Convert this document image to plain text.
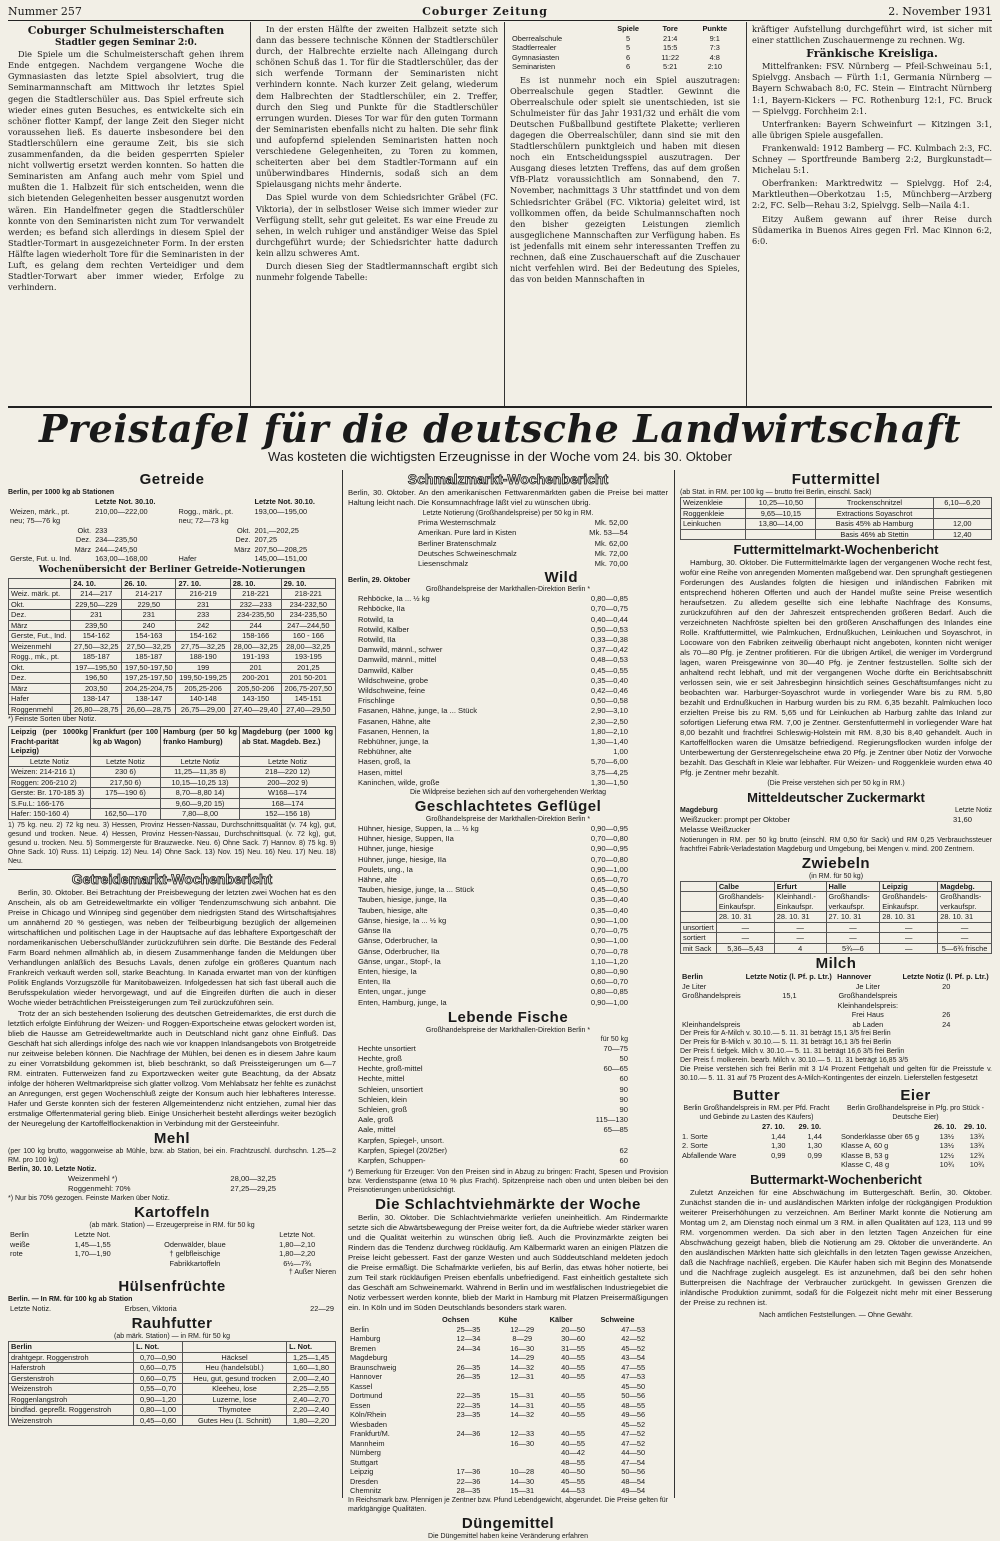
Nummer 257	Coburger Zeitung	2. November 1931
Coburger Schulmeisterschaften
Stadtler gegen Seminar 2:0.

Die Spiele um die Schulmeisterschaft gehen ihrem Ende entgegen. Nachdem vergangene Woche die Gymnasiasten das letzte Spiel absolviert, trug die Seminarmannschaft am Mittwoch ihr letztes Spiel gegen die Stadtlerschüler aus. Das Spiel erfreute sich wieder eines guten Besuches, es entwickelte sich ein schöner flotter Kampf, der lange Zeit den Sieger nicht voraussehen ließ. Es dauerte insbesondere bei den Stadtlerschülern eine geraume Zeit, bis sie sich zusammenfanden, da die beiden gesperrten Spieler nicht vollwertig ersetzt werden konnten. So hatten die Seminaristen am Anfang auch mehr vom Spiel und mußten die 1. Halbzeit für sich entscheiden, wenn die sich bietenden Gelegenheiten besser ausgenutzt worden wären. Ein Handelfmeter gegen die Stadtlerschüler konnte von den Seminaristen nicht zum Tor verwandelt werden; es befand sich allerdings in diesem Spiel der Stadtler-Tormart in ausgezeichneter Form. In der ersten Hälfte lagen wiederholt Tore für die Seminaristen in der Luft, es gelang dem rechten Verteidiger und dem Stadtler-Torwart aber immer wieder, Erfolge zu verhindern.

In der ersten Hälfte der zweiten Halbzeit setzte sich dann das bessere technische Können der Stadtlerschüler durch, der Halbrechte erzielte nach Alleingang durch schönen Schuß das 1. Tor für die Stadtlerschüler, das der sich werfende Tormann der Seminaristen nicht verhindern konnte. Nach kurzer Zeit gelang, wiederum dem Halbrechten der Stadtlerschüler, ein 2. Treffer, durch den Sieg und Punkte für die Stadtlerschüler errungen wurden. Dieses Tor war für den guten Tormann der Seminaristen ebenfalls nicht zu halten. Die sehr flink und aufopfernd spielenden Seminaristen hatten noch verschiedene Gelegenheiten, zu Toren zu kommen, scheiterten aber bei dem Stadtler-Tormann auf ein unüberwindbares Hindernis, sodaß sich an dem Spielausgang nichts mehr änderte.

Das Spiel wurde von dem Schiedsrichter Gräbel (FC. Viktoria), der in selbstloser Weise sich immer wieder zur Verfügung stellt, sehr gut geleitet. Es war eine Freude zu sehen, in welch ruhiger und anständiger Weise das Spiel durchgeführt wurde; der Schiedsrichter hatte dadurch kein allzu schweres Amt.

Durch diesen Sieg der Stadtlermannschaft ergibt sich nunmehr folgende Tabelle:

	Spiele	Tore	Punkte
Oberrealschule	5	21:4	9:1
Stadtlerrealer	5	15:5	7:3
Gymnasiasten	6	11:22	4:8
Seminaristen	6	5:21	2:10

Es ist nunmehr noch ein Spiel auszutragen: Oberrealschule gegen Stadtler. Gewinnt die Oberrealschule oder spielt sie unentschieden, ist sie Schulmeister für das Jahr 1931/32 und erhält die vom Deutschen Fußballbund gestiftete Plakette; verlieren dagegen die Oberrealschüler, dann sind sie mit den Stadtlerschülern punktgleich und haben mit diesen noch ein Entscheidungsspiel auszutragen. Der Ausgang dieses letzten Treffens, das auf dem großen VfB-Platz voraussichtlich am Sonnabend, den 7. November, nachmittags 3 Uhr stattfindet und von dem Schiedsrichter Gräbel (FC. Viktoria) geleitet wird, ist vollkommen offen, da beide Schulmannschaften noch den bisher gezeigten Leistungen ziemlich ausgeglichene Mannschaften zur Verfügung haben. Es ist jedenfalls mit einem sehr interessanten Treffen zu rechnen, daß eine Zuschauerschaft auf die Zuschauer nicht verfehlen wird. Bei der Bedeutung des Spieles, das von beiden Mannschaften in

kräftiger Aufstellung durchgeführt wird, ist sicher mit einer stattlichen Zuschauermenge zu rechnen. Wg.

Fränkische Kreisliga.

Mittelfranken: FSV. Nürnberg — Pfeil-Schweinau 5:1, Spielvgg. Ansbach — Fürth 1:1, Germania Nürnberg — Bayern Schwabach 8:0, FC. Stein — Eintracht Nürnberg 1:1, Bayern-Kickers — FC. Rothenburg 12:1, FC. Bruck — Spielvgg. Forchheim 2:1.

Unterfranken: Bayern Schweinfurt — Kitzingen 3:1, alle übrigen Spiele ausgefallen.

Frankenwald: 1912 Bamberg — FC. Kulmbach 2:3, FC. Schney — Sportfreunde Bamberg 2:2, Burgkunstadt—Michelau 5:1.

Oberfranken: Marktredwitz — Spielvgg. Hof 2:4, Marktleuthen—Oberkotzau 1:5, Münchberg—Arzberg 2:2, FC. Selb—Rehau 3:2, Spielvgg. Selb—Naila 4:1.

Eitzy Außem gewann auf ihrer Reise durch Südamerika in Buenos Aires gegen Frl. Mac Kinnon 6:2, 6:0.

Preistafel für die deutsche Landwirtschaft
Was kosteten die wichtigsten Erzeugnisse in der Woche vom 24. bis 30. Oktober
Getreide
Berlin, per 1000 kg ab Stationen
	Letzte Not. 30.10.		Letzte Not. 30.10.
Weizen, märk., pt.	210,00—222,00	Rogg., märk., pt.	193,00—195,00
neu; 75—76 kg		neu; 72—73 kg	
Okt.	233	Okt.	201,—202,25
Dez.	234—235,50	Dez.	207,25
März	244—245,50	März	207,50—208,25
Gerste, Fut. u. Ind.	163,00—168,00	Hafer	145,00—151,00
Wochenübersicht der Berliner Getreide-Notierungen
	24. 10.	26. 10.	27. 10.	28. 10.	29. 10.
Weiz. märk. pt.	214—217	214-217	216-219	218-221	218-221
Okt.	229,50—229	229,50	231	232—233	234-232,50
Dez.	231	231	233	234-235,50	234-235,50
März	239,50	240	242	244	247—244,50
Gerste, Fut., Ind.	154-162	154-163	154-162	158-166	160 - 166
Weizenmehl	27,50—32,25	27,50—32,25	27,75—32,25	28,00—32,25	28,00—32,25
Rogg., mk., pt.	185-187	185-187	188-190	191-193	193-195
Okt.	197—195,50	197,50-197,50	199	201	201,25
Dez.	196,50	197,25-197,50	199,50-199,25	200-201	201 50-201
März	203,50	204,25-204,75	205,25-206	205,50-206	206,75-207,50
Hafer	138-147	138-147	140-148	143-150	145-151
Roggenmehl	26,80—28,75	26,60—28,75	26,75—29,00	27,40—29,40	27,40—29,50
*) Feinste Sorten über Notiz.
Leipzig (per 1000kg Fracht-parität Leipzig)	Frankfurt (per 100 kg ab Wagon)	Hamburg (per 50 kg franko Hamburg)	Magdeburg (per 1000 kg ab Stat. Magdeb. Bez.)
Letzte Notiz	Letzte Notiz	Letzte Notiz	Letzte Notiz
Weizen: 214-216 1)	230 6)	11,25—11,35 8)	218—220 12)
Roggen: 206-210 2)	217,50 6)	10,15—10,25 13)	200—202 9)
Gerste: Br. 170-185 3)	175—190 6)	8,70—8,80 14)	W168—174
S.Fu.L: 166-176		9,60—9,20 15)	168—174
Hafer: 150-160 4)	162,50—170	7,80—8,00	152—156 18)
1) 75 kg. neu. 2) 72 kg neu. 3) Hessen, Provinz Hessen-Nassau, Durchschnittsqualität (v. 74 kg), gut, gesund und trocken. Neue. 4) Hessen, Provinz Hessen-Nassau, Durchschnittsqual. (v. 72 kg), gut, gesund u. trocken. Neu. 5) Sommergerste für Brauzwecke. Neu. 6) Ohne Sack. 7) Hannov. 8) 75 kg. 9) Ohne Sack. 10) Russ. 11) Leipzig. 12) Neu. 14) Ohne Sack. 13) Nov. 15) Neu. 16) Neu. 17) Neu. 18) Neu.
Getreidemarkt-Wochenbericht

Berlin, 30. Oktober. Bei Betrachtung der Preisbewegung der letzten zwei Wochen hat es den Anschein, als ob am Getreideweltmarkte ein völliger Tendenzumschwung sich anbahnt. Die Preise in Chicago und Winnipeg sind gegenüber dem niedrigsten Stand des Wirtschaftsjahres um annähernd 20 % gestiegen, was neben der Teilbeurbigung bezüglich der allgemeinen wirtschaftlichen und politischen Lage in der Hauptsache auf das lebhaftere Exportgeschäft der nordamerikanischen Ueberschußländer zurückzuführen sein dürfte. Die Bestände des Federal Farm Board nehmen allmählich ab, in diesem Zusammenhange fanden die Meldungen über Verhandlungen anläßlich des Besuchs Lavals, denen zufolge ein größeres Quantum nach Frankreich verkauft werden soll, starke Beachtung. In Kanada erwartet man von der künftigen Politik Englands Vorzugszölle für Manitobaweizen. Infolgedessen hat sich fast überall auch die Berufsspekulation wieder hervorgewagt, und auf die Eingreifen dürften die auch in dieser Woche wieder beträchtlichen Preissteigerungen zum Teil zurückzuführen sein.

Trotz der an sich bestehenden Isolierung des deutschen Getreidemarktes, die erst durch die letztlich erfolgte Einführung der Weizen- und Roggen-Exportscheine etwas gelockert worden ist, blieb die Hausse am Getreideweltmarkte auch in Deutschland nicht ganz ohne Einfluß. Das Geschäft hat sich allerdings infolge des nach wie vor knappen Inlandsangebots von Brotgetreide nur zeitweise beleben können. Die Nachfrage der Mühlen, bei denen es in diesem Jahre kaum zu einer Vorratsbildung gekommen ist, blieb beschränkt, so daß Preissteigerungen um 6—7 RM. eintraten. Futterweizen fand zu Exportzwecken weiter gute Beachtung, da der Absatz infolge der höheren Weltmarktpreise sich glatter vollzog. Vom Mehlabsatz her fehlte es zunächst an Anregungen, erst gegen Wochenschluß zeigte der Konsum auch hier lebhafteres Interesse. Hafer und Gerste konnten sich der festeren Allgemeintendenz nicht entziehen, zumal hier das erstmalige Offertenmaterial gering blieb. Einige Unsicherheit besteht allerdings weiter bezüglich der Neuregelung der Kartoffelflockenaktion in Verbindung mit der Gersteeinfuhr.

Mehl
(per 100 kg brutto, waggonweise ab Mühle, bzw. ab Station, bei ein. Frachtzuschl. durchschn. 1.25—2 RM. pro 100 kg)
Berlin, 30. 10. Letzte Notiz.
Weizenmehl *)	28,00—32,25
Roggenmehl: 70%	27,25—29,25
*) Nur bis 70% gezogen. Feinste Marken über Notiz.
Kartoffeln
(ab märk. Station) — Erzeugerpreise in RM. für 50 kg
Berlin	Letzte Not.		Letzte Not.
weiße	1,45—1,55	Odenwälder, blaue	1,80—2,10
rote	1,70—1,90	† gelbfleischige	1,80—2,20
		Fabrikkartoffeln	6½—7¾
† Außer Nieren
Hülsenfrüchte
Berlin. — In RM. für 100 kg ab Station
Letzte Notiz.	Erbsen, Viktoria	22—29
Rauhfutter
(ab märk. Station) — in RM. für 50 kg
Berlin	L. Not.		L. Not.
drahtgepr. Roggenstroh	0,70—0,90	Häcksel	1,25—1,45
Haferstroh	0,60—0,75	Heu (handelsübl.)	1,60—1,80
Gerstenstroh	0,60—0,75	Heu, gut, gesund trocken	2,00—2,40
Weizenstroh	0,55—0,70	Kleeheu, lose	2,25—2,55
Roggenlangstroh	0,90—1,20	Luzerne, lose	2,40—2,70
bindfad. gepreßt. Roggenstroh	0,80—1,00	Thymotee	2,20—2,40
Weizenstroh	0,45—0,60	Gutes Heu (1. Schnitt)	1,80—2,20
Schmalzmarkt-Wochenbericht

Berlin, 30. Oktober. An den amerikanischen Fettwarenmärkten gaben die Preise bei matter Haltung leicht nach. Die Konsumnachfrage läßt viel zu wünschen übrig.

Letzte Notierung (Großhandelspreise) per 50 kg in RM.
Prima Westernschmalz	Mk. 52,00
Amerikan. Pure lard in Kisten	Mk. 53—54
Berliner Bratenschmalz	Mk. 62,00
Deutsches Schweineschmalz	Mk. 72,00
Liesenschmalz	Mk. 70,00
Berlin, 29. Oktober	Wild
Großhandelspreise der Markthallen-Direktion Berlin *
Rehböcke, Ia ... ½ kg	0,80—0,85
Rehböcke, IIa	0,70—0,75
Rotwild, Ia	0,40—0,44
Rotwild, Kälber	0,50—0,53
Rotwild, IIa	0,33—0,38
Damwild, männl., schwer	0,37—0,42
Damwild, männl., mittel	0,48—0,53
Damwild, Kälber	0,45—0,55
Wildschweine, grobe	0,35—0,40
Wildschweine, feine	0,42—0,46
Frischlinge	0,50—0,58
Fasanen, Hähne, junge, Ia ... Stück	2,90—3,10
Fasanen, Hähne, alte	2,30—2,50
Fasanen, Hennen, Ia	1,80—2,10
Rebhühner, junge, Ia	1,30—1,40
Rebhühner, alte	1,00
Hasen, groß, Ia	5,70—6,00
Hasen, mittel	3,75—4,25
Kaninchen, wilde, große	1,30—1,50
Die Wildpreise beziehen sich auf den vorhergehenden Werktag
Geschlachtetes Geflügel
Großhandelspreise der Markthallen-Direktion Berlin *
Hühner, hiesige, Suppen, Ia ... ½ kg	0,90—0,95
Hühner, hiesige, Suppen, IIa	0,70—0,80
Hühner, junge, hiesige	0,90—0,95
Hühner, junge, hiesige, IIa	0,70—0,80
Poulets, ung., Ia	0,90—1,00
Hähne, alte	0,65—0,70
Tauben, hiesige, junge, Ia ... Stück	0,45—0,50
Tauben, hiesige, junge, IIa	0,35—0,40
Tauben, hiesige, alte	0,35—0,40
Gänse, hiesige, Ia ... ½ kg	0,90—1,00
Gänse IIa	0,70—0,75
Gänse, Oderbrucher, Ia	0,90—1,00
Gänse, Oderbrucher, IIa	0,70—0,78
Gänse, ungar., Stopf-, Ia	1,10—1,20
Enten, hiesige, Ia	0,80—0,90
Enten, IIa	0,60—0,70
Enten, ungar., junge	0,80—0,85
Enten, Hamburg, junge, Ia	0,90—1,00
Lebende Fische
Großhandelspreise der Markthallen-Direktion Berlin *
für 50 kg
Hechte unsortiert	70—75
Hechte, groß	50
Hechte, groß-mittel	60—65
Hechte, mittel	60
Schleien, unsortiert	90
Schleien, klein	90
Schleien, groß	90
Aale, groß	115—130
Aale, mittel	65—85
Karpfen, Spiegel-, unsort.
Karpfen, Spiegel (20/25er)	62
Karpfen, Schuppen-	60
*) Bemerkung für Erzeuger: Von den Preisen sind in Abzug zu bringen: Fracht, Spesen und Provision bzw. Verdienstspanne (etwa 10 % plus Fracht). Spitzenpreise nach oben und unten bleiben bei den Preisnotierungen unberücksichtigt.
Die Schlachtviehmärkte der Woche

Berlin, 30. Oktober. Die Schlachtviehmärkte verliefen uneinheitlich. Am Rindermarkte setzte sich die Abwärtsbewegung der Preise weiter fort, da die Auftriebe wieder stärker waren und die Qualität weiterhin zu wünschen übrig ließ. Auch die Provinzmärkte zeigten bei Rindern das die Tendenz durchweg rückläufig. Am Kälbermarkt waren an einigen Plätzen die Preise leicht gebessert. Fast der ganze Westen und auch Süddeutschland meldeten jedoch die Preise ermäßigt. Die Schafmärkte verliefen, bis auf Berlin, das etwas höher notierte, bei zum Teil stark rückläufigen Preisen ebenfalls unbefriedigend. Fast einheitlich gestaltete sich das Geschäft am Schweinemarkt. Während in Berlin und im westfälischen Industriegebiet die Notiz verbessert werden konnte, blieb der Markt in Hamburg mit Platzen Preisermäßigungen ein. In Köln und im Süden Deutschlands besonders stark waren.

	Ochsen	Kühe	Kälber	Schweine
Berlin	25—35	12—29	20—50	47—53
Hamburg	12—34	8—29	30—60	42—52
Bremen	24—34	16—30	31—55	45—52
Magdeburg		14—29	40—55	43—54
Braunschweig	26—35	14—32	40—55	47—55
Hannover	26—35	12—31	40—55	47—53
Kassel				45—50
Dortmund	22—35	15—31	40—55	50—56
Essen	22—35	14—31	40—55	48—55
Köln/Rhein	23—35	14—32	40—55	49—56
Wiesbaden				45—52
Frankfurt/M.	24—36	12—33	40—55	47—52
Mannheim		16—30	40—55	47—52
Nürnberg			40—42	44—50
Stuttgart			48—55	47—54
Leipzig	17—36	10—28	40—50	50—56
Dresden	22—36	14—30	45—55	48—54
Chemnitz	28—35	15—31	44—53	49—54
In Reichsmark bzw. Pfennigen je Zentner bzw. Pfund Lebendgewicht, abgerundet. Die Preise gelten für marktgängige Qualitäten.
Düngemittel
Die Düngemittel haben keine Veränderung erfahren
Futtermittel
(ab Stat. in RM. per 100 kg — brutto frei Berlin, einschl. Sack)
Weizenkleie	10,25—10,50	Trockenschnitzel	6,10—6,20
Roggenkleie	9,65—10,15	Extractions Soyaschrot	
Leinkuchen	13,80—14,00	Basis 45% ab Hamburg	12,00
		Basis 46% ab Stettin	12,40
Futtermittelmarkt-Wochenbericht

Hamburg, 30. Oktober. Die Futtermittelmärkte lagen der vergangenen Woche recht fest, wofür eine Reihe von anregenden Momenten maßgebend war. Den sprunghaft gestiegenen Forderungen des Auslandes folgten die hiesigen und inländischen Fabriken mit entsprechend höheren Offerten und auch der Handel mußte seine Preise wesentlich heraufsetzen. Zu alledem gesellte sich eine lebhafte Nachfrage des Konsums, zurückzuführen auf den der Jahreszeit entsprechenden größeren Bedarf. Auch die verzeichneten Nachfröste spielten bei den größeren Anschaffungen des Inlandes eine Rolle. Kraftfuttermittel, wie Palmkuchen, Erdnußkuchen, Leinkuchen und Soyaschrot, in Locoware von den Fabriken zeitweilig überhaupt nicht angeboten, konnten nicht weniger als 70—80 Pfg. je Zentner profitieren. Für die übrigen Artikel, die weniger im Vordergrund lagen, waren Preisgewinne von 30—40 Pfg. je Zentner festzustellen. Sollte sich der anhaltend recht lebhaft, und mit der vergangenen Woche dürfte ein Berichtsabschnitt verlossen sein, wie er seit Jahresbeginn hinsichtlich seines Geschäftsumfanges nicht zu beobachten war. Harburger-Soyaschrot wurde in vorliegender Ware bis zu RM. 5,80 bezahlt und Erdnußkuchen in Harburg wurden bis zu RM. 6,35 bezahlt. Palmkuchen loco erzielten Preise bis zu RM. 5,65 und für Leinkuchen ab Harburg zahlte das Inland zur sofortigen Lieferung etwa RM. 7,00 je Zentner. Gerstenfuttermehl in vorliegender Ware hat 8,00 bezahlt und frachtfrei Schleswig-Holstein mit RM. 8,30 bis 8,40 gehandelt. Auch in Kartoffelflocken waren die Umsätze befriedigend. Regierungsflocken wurden infolge der Unterbewertung der Gerstenregelscheine etwa 20 Pfg. je Zentner über Notiz der Vorwoche bezahlt. Das Geschäft in Kleie war lebhafter. Für Weizen- und Roggenkleie wurden etwa 40 Pfg. je Zentner mehr bezahlt.

(Die Preise verstehen sich per 50 kg in RM.)
Mitteldeutscher Zuckermarkt
Magdeburg	Letzte Notiz
Weißzucker: prompt per Oktober	31,60
Melasse Weißzucker
Notierungen in RM. per 50 kg brutto (einschl. RM 0,50 für Sack) und RM 0,25 Verbrauchssteuer frachtfrei Fabrik-Verladestation Magdeburg und Umgebung, bei Mengen v. mind. 200 Zentnern.
Zwiebeln
(in RM. für 50 kg)
	Calbe	Erfurt	Halle	Leipzig	Magdebg.
	Großhandels-Einkaufspr.	Kleinhandl.-Einkaufspr.	Großhandls-verkaufspr.	Großhandels-Einkaufspr.	Großhandls-verkaufspr.
	28. 10. 31	28. 10. 31	27. 10. 31	28. 10. 31	28. 10. 31
unsortiert	—	—	—	—	—
sortiert	—	—	—	—	—
mit Sack	5,36—5,43	4	5¾—6	—	5—6¾ frische
Milch
Berlin	Letzte Notiz (l. Pf. p. Ltr.)	Hannover	Letzte Notiz (l. Pf. p. Ltr.)
Je Liter		Je Liter	20
Großhandelspreis	15,1	Großhandelspreis	
		Kleinhandelspreis:	
		Frei Haus	26
Kleinhandelspreis		ab Laden	24
Der Preis für A-Milch v. 30.10.— 5. 11. 31 beträgt 15,1 3/5 frei Berlin
Der Preis für B-Milch v. 30.10.— 5. 11. 31 beträgt 16,1 3/5 frei Berlin
Der Preis f. tiefgek. Milch v. 30.10.— 5. 11. 31 beträgt 16,6 3/5 frei Berlin
Der Preis f. molkerein. bearb. Milch v. 30.10.— 5. 11. 31 beträgt 16,85 3/5
Die Preise verstehen sich frei Berlin mit 3 1/4 Prozent Fettgehalt und gelten für die Preisstufe v. 30.10.— 5. 11. 31 auf 75 Prozent des A-Milch-Kontingentes der einzeln. Lieferstellen festgesetzt
Butter
Berlin Großhandelspreis in RM. per Pfd. Fracht und Gebinde zu Lasten des Käufers)
	27. 10.	29. 10.
1. Sorte	1,44	1,44
2. Sorte	1,30	1,30
Abfallende Ware	0,99	0,99
Eier
Berlin Großhandelspreise in Pfg. pro Stück - Deutsche Eier)
	26. 10.	29. 10.
Sonderklasse über 65 g	13½	13¾
Klasse A, 60 g	13½	13¾
Klasse B, 53 g	12½	12¾
Klasse C, 48 g	10¾	10¾
Buttermarkt-Wochenbericht

Zuletzt Anzeichen für eine Abschwächung im Buttergeschäft. Berlin, 30. Oktober. Zunächst standen die in- und ausländischen Märkten infolge der rückgängigen Produktion weiterer Preiserhöhungen zu verzeichnen. Am Berliner Markt konnte die Notierung am Montag um 2, am Dienstag noch einmal um 3 RM. in allen Qualitäten auf 123, 113 und 99 RM. vorgenommen werden. Da sich aber in den letzten Tagen Anzeichen für eine Abschwächung gezeigt haben, blieb die Notierung am 29. Oktober die unveränderte. An den ausländischen Märkten hatte sich gleichfalls in den letzten Tagen gewisse Anzeichen, daß die Nachfrage nachließ, ergeben. Die Käufer haben sich mit Beginn des Monatsende und die Nachfrage zugleich ausgelegt. Es ist anzunehmen, daß bei den sehr hohen Butterpreisen die Nachfrage der Verbraucher zurückgeht. In gewissen Grenzen die inländische Produktion zunimmt, sodaß für die Folgezeit nicht mehr mit einer Besserung der Preise zu rechnen ist.

Nach amtlichen Feststellungen. — Ohne Gewähr.
